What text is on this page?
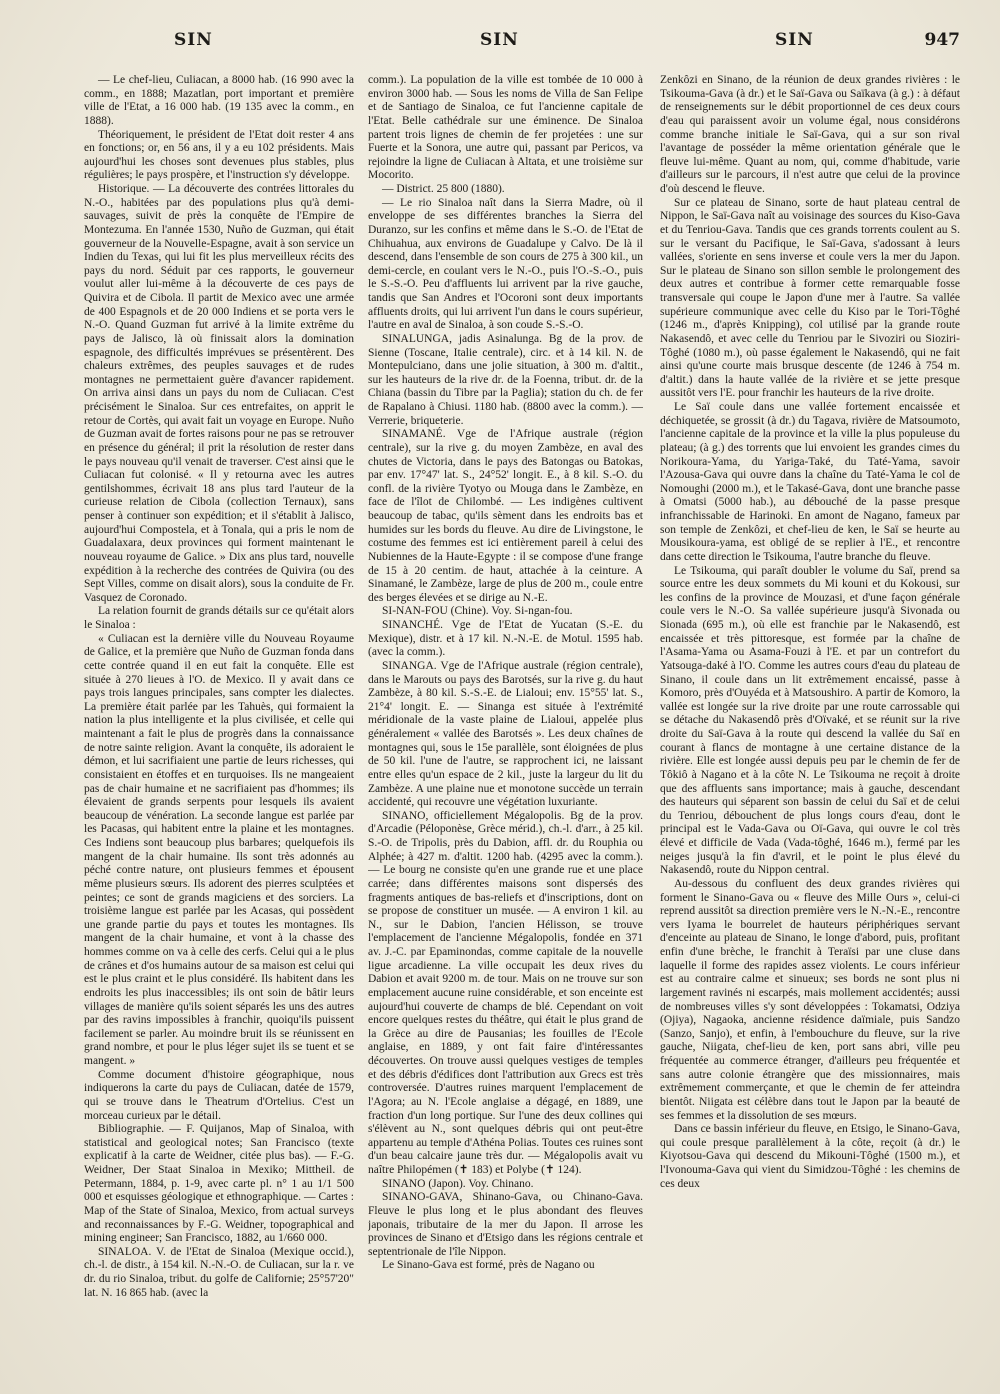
SIN	SIN	SIN	947

— Le chef-lieu, Culiacan, a 8000 hab. (16 990 avec la comm., en 1888; Mazatlan, port important et première ville de l'Etat, a 16 000 hab. (19 135 avec la comm., en 1888).

Théoriquement, le président de l'Etat doit rester 4 ans en fonctions; or, en 56 ans, il y a eu 102 présidents. Mais aujourd'hui les choses sont devenues plus stables, plus régulières; le pays prospère, et l'instruction s'y développe.

Historique. — La découverte des contrées littorales du N.-O., habitées par des populations plus qu'à demi-sauvages, suivit de près la conquête de l'Empire de Montezuma. En l'année 1530, Nuño de Guzman, qui était gouverneur de la Nouvelle-Espagne, avait à son service un Indien du Texas, qui lui fit les plus merveilleux récits des pays du nord. Séduit par ces rapports, le gouverneur voulut aller lui-même à la découverte de ces pays de Quivira et de Cibola. Il partit de Mexico avec une armée de 400 Espagnols et de 20 000 Indiens et se porta vers le N.-O. Quand Guzman fut arrivé à la limite extrême du pays de Jalisco, là où finissait alors la domination espagnole, des difficultés imprévues se présentèrent. Des chaleurs extrêmes, des peuples sauvages et de rudes montagnes ne permettaient guère d'avancer rapidement. On arriva ainsi dans un pays du nom de Culiacan. C'est précisément le Sinaloa. Sur ces entrefaites, on apprit le retour de Cortès, qui avait fait un voyage en Europe. Nuño de Guzman avait de fortes raisons pour ne pas se retrouver en présence du général; il prit la résolution de rester dans le pays nouveau qu'il venait de traverser. C'est ainsi que le Culiacan fut colonisé. « Il y retourna avec les autres gentilshommes, écrivait 18 ans plus tard l'auteur de la curieuse relation de Cibola (collection Ternaux), sans penser à continuer son expédition; et il s'établit à Jalisco, aujourd'hui Compostela, et à Tonala, qui a pris le nom de Guadalaxara, deux provinces qui forment maintenant le nouveau royaume de Galice. » Dix ans plus tard, nouvelle expédition à la recherche des contrées de Quivira (ou des Sept Villes, comme on disait alors), sous la conduite de Fr. Vasquez de Coronado.

La relation fournit de grands détails sur ce qu'était alors le Sinaloa :

« Culiacan est la dernière ville du Nouveau Royaume de Galice, et la première que Nuño de Guzman fonda dans cette contrée quand il en eut fait la conquête. Elle est située à 270 lieues à l'O. de Mexico. Il y avait dans ce pays trois langues principales, sans compter les dialectes. La première était parlée par les Tahuès, qui formaient la nation la plus intelligente et la plus civilisée, et celle qui maintenant a fait le plus de progrès dans la connaissance de notre sainte religion. Avant la conquête, ils adoraient le démon, et lui sacrifiaient une partie de leurs richesses, qui consistaient en étoffes et en turquoises. Ils ne mangeaient pas de chair humaine et ne sacrifiaient pas d'hommes; ils élevaient de grands serpents pour lesquels ils avaient beaucoup de vénération. La seconde langue est parlée par les Pacasas, qui habitent entre la plaine et les montagnes. Ces Indiens sont beaucoup plus barbares; quelquefois ils mangent de la chair humaine. Ils sont très adonnés au péché contre nature, ont plusieurs femmes et épousent même plusieurs sœurs. Ils adorent des pierres sculptées et peintes; ce sont de grands magiciens et des sorciers. La troisième langue est parlée par les Acasas, qui possèdent une grande partie du pays et toutes les montagnes. Ils mangent de la chair humaine, et vont à la chasse des hommes comme on va à celle des cerfs. Celui qui a le plus de crânes et d'os humains autour de sa maison est celui qui est le plus craint et le plus considéré. Ils habitent dans les endroits les plus inaccessibles; ils ont soin de bâtir leurs villages de manière qu'ils soient séparés les uns des autres par des ravins impossibles à franchir, quoiqu'ils puissent facilement se parler. Au moindre bruit ils se réunissent en grand nombre, et pour le plus léger sujet ils se tuent et se mangent. »

Comme document d'histoire géographique, nous indiquerons la carte du pays de Culiacan, datée de 1579, qui se trouve dans le Theatrum d'Ortelius. C'est un morceau curieux par le détail.

Bibliographie. — F. Quijanos, Map of Sinaloa, with statistical and geological notes; San Francisco (texte explicatif à la carte de Weidner, citée plus bas). — F.-G. Weidner, Der Staat Sinaloa in Mexiko; Mittheil. de Petermann, 1884, p. 1-9, avec carte pl. n° 1 au 1/1 500 000 et esquisses géologique et ethnographique. — Cartes : Map of the State of Sinaloa, Mexico, from actual surveys and reconnaissances by F.-G. Weidner, topographical and mining engineer; San Francisco, 1882, au 1/660 000.

SINALOA. V. de l'Etat de Sinaloa (Mexique occid.), ch.-l. de distr., à 154 kil. N.-N.-O. de Culiacan, sur la r. ve dr. du rio Sinaloa, tribut. du golfe de Californie; 25°57'20" lat. N. 16 865 hab. (avec la

comm.). La population de la ville est tombée de 10 000 à environ 3000 hab. — Sous les noms de Villa de San Felipe et de Santiago de Sinaloa, ce fut l'ancienne capitale de l'Etat. Belle cathédrale sur une éminence. De Sinaloa partent trois lignes de chemin de fer projetées : une sur Fuerte et la Sonora, une autre qui, passant par Pericos, va rejoindre la ligne de Culiacan à Altata, et une troisième sur Mocorito.

— District. 25 800 (1880).

— Le rio Sinaloa naît dans la Sierra Madre, où il enveloppe de ses différentes branches la Sierra del Duranzo, sur les confins et même dans le S.-O. de l'Etat de Chihuahua, aux environs de Guadalupe y Calvo. De là il descend, dans l'ensemble de son cours de 275 à 300 kil., un demi-cercle, en coulant vers le N.-O., puis l'O.-S.-O., puis le S.-S.-O. Peu d'affluents lui arrivent par la rive gauche, tandis que San Andres et l'Ocoroni sont deux importants affluents droits, qui lui arrivent l'un dans le cours supérieur, l'autre en aval de Sinaloa, à son coude S.-S.-O.

SINALUNGA, jadis Asinalunga. Bg de la prov. de Sienne (Toscane, Italie centrale), circ. et à 14 kil. N. de Montepulciano, dans une jolie situation, à 300 m. d'altit., sur les hauteurs de la rive dr. de la Foenna, tribut. dr. de la Chiana (bassin du Tibre par la Paglia); station du ch. de fer de Rapalano à Chiusi. 1180 hab. (8800 avec la comm.). — Verrerie, briqueterie.

SINAMANÉ. Vge de l'Afrique australe (région centrale), sur la rive g. du moyen Zambèze, en aval des chutes de Victoria, dans le pays des Batongas ou Batokas, par env. 17°47' lat. S., 24°52' longit. E., à 8 kil. S.-O. du confl. de la rivière Tyotyo ou Mouga dans le Zambèze, en face de l'îlot de Chilombé. — Les indigènes cultivent beaucoup de tabac, qu'ils sèment dans les endroits bas et humides sur les bords du fleuve. Au dire de Livingstone, le costume des femmes est ici entièrement pareil à celui des Nubiennes de la Haute-Egypte : il se compose d'une frange de 15 à 20 centim. de haut, attachée à la ceinture. A Sinamané, le Zambèze, large de plus de 200 m., coule entre des berges élevées et se dirige au N.-E.

SI-NAN-FOU (Chine). Voy. Si-ngan-fou.

SINANCHÉ. Vge de l'Etat de Yucatan (S.-E. du Mexique), distr. et à 17 kil. N.-N.-E. de Motul. 1595 hab. (avec la comm.).

SINANGA. Vge de l'Afrique australe (région centrale), dans le Marouts ou pays des Barotsés, sur la rive g. du haut Zambèze, à 80 kil. S.-S.-E. de Lialoui; env. 15°55' lat. S., 21°4' longit. E. — Sinanga est située à l'extrémité méridionale de la vaste plaine de Lialoui, appelée plus généralement « vallée des Barotsés ». Les deux chaînes de montagnes qui, sous le 15e parallèle, sont éloignées de plus de 50 kil. l'une de l'autre, se rapprochent ici, ne laissant entre elles qu'un espace de 2 kil., juste la largeur du lit du Zambèze. A une plaine nue et monotone succède un terrain accidenté, qui recouvre une végétation luxuriante.

SINANO, officiellement Mégalopolis. Bg de la prov. d'Arcadie (Péloponèse, Grèce mérid.), ch.-l. d'arr., à 25 kil. S.-O. de Tripolis, près du Dabion, affl. dr. du Rouphia ou Alphée; à 427 m. d'altit. 1200 hab. (4295 avec la comm.). — Le bourg ne consiste qu'en une grande rue et une place carrée; dans différentes maisons sont dispersés des fragments antiques de bas-reliefs et d'inscriptions, dont on se propose de constituer un musée. — A environ 1 kil. au N., sur le Dabion, l'ancien Hélisson, se trouve l'emplacement de l'ancienne Mégalopolis, fondée en 371 av. J.-C. par Epaminondas, comme capitale de la nouvelle ligue arcadienne. La ville occupait les deux rives du Dabion et avait 9200 m. de tour. Mais on ne trouve sur son emplacement aucune ruine considérable, et son enceinte est aujourd'hui couverte de champs de blé. Cependant on voit encore quelques restes du théâtre, qui était le plus grand de la Grèce au dire de Pausanias; les fouilles de l'Ecole anglaise, en 1889, y ont fait faire d'intéressantes découvertes. On trouve aussi quelques vestiges de temples et des débris d'édifices dont l'attribution aux Grecs est très controversée. D'autres ruines marquent l'emplacement de l'Agora; au N. l'Ecole anglaise a dégagé, en 1889, une fraction d'un long portique. Sur l'une des deux collines qui s'élèvent au N., sont quelques débris qui ont peut-être appartenu au temple d'Athéna Polias. Toutes ces ruines sont d'un beau calcaire jaune très dur. — Mégalopolis avait vu naître Philopémen (✝ 183) et Polybe (✝ 124).

SINANO (Japon). Voy. Chinano.

SINANO-GAVA, Shinano-Gava, ou Chinano-Gava. Fleuve le plus long et le plus abondant des fleuves japonais, tributaire de la mer du Japon. Il arrose les provinces de Sinano et d'Etsigo dans les régions centrale et septentrionale de l'île Nippon.

Le Sinano-Gava est formé, près de Nagano ou

Zenkôzi en Sinano, de la réunion de deux grandes rivières : le Tsikouma-Gava (à dr.) et le Saï-Gava ou Saïkava (à g.) : à défaut de renseignements sur le débit proportionnel de ces deux cours d'eau qui paraissent avoir un volume égal, nous considérons comme branche initiale le Saï-Gava, qui a sur son rival l'avantage de posséder la même orientation générale que le fleuve lui-même. Quant au nom, qui, comme d'habitude, varie d'ailleurs sur le parcours, il n'est autre que celui de la province d'où descend le fleuve.

Sur ce plateau de Sinano, sorte de haut plateau central de Nippon, le Saï-Gava naît au voisinage des sources du Kiso-Gava et du Tenriou-Gava. Tandis que ces grands torrents coulent au S. sur le versant du Pacifique, le Saï-Gava, s'adossant à leurs vallées, s'oriente en sens inverse et coule vers la mer du Japon. Sur le plateau de Sinano son sillon semble le prolongement des deux autres et contribue à former cette remarquable fosse transversale qui coupe le Japon d'une mer à l'autre. Sa vallée supérieure communique avec celle du Kiso par le Tori-Tôghé (1246 m., d'après Knipping), col utilisé par la grande route Nakasendô, et avec celle du Tenriou par le Sivoziri ou Sioziri-Tôghé (1080 m.), où passe également le Nakasendô, qui ne fait ainsi qu'une courte mais brusque descente (de 1246 à 754 m. d'altit.) dans la haute vallée de la rivière et se jette presque aussitôt vers l'E. pour franchir les hauteurs de la rive droite.

Le Saï coule dans une vallée fortement encaissée et déchiquetée, se grossit (à dr.) du Tagava, rivière de Matsoumoto, l'ancienne capitale de la province et la ville la plus populeuse du plateau; (à g.) des torrents que lui envoient les grandes cimes du Norikoura-Yama, du Yariga-Také, du Taté-Yama, savoir l'Azousa-Gava qui ouvre dans la chaîne du Taté-Yama le col de Nomoughi (2000 m.), et le Takasé-Gava, dont une branche passe à Omatsi (5000 hab.), au débouché de la passe presque infranchissable de Harinoki. En amont de Nagano, fameux par son temple de Zenkôzi, et chef-lieu de ken, le Saï se heurte au Mousikoura-yama, est obligé de se replier à l'E., et rencontre dans cette direction le Tsikouma, l'autre branche du fleuve.

Le Tsikouma, qui paraît doubler le volume du Saï, prend sa source entre les deux sommets du Mi kouni et du Kokousi, sur les confins de la province de Mouzasi, et d'une façon générale coule vers le N.-O. Sa vallée supérieure jusqu'à Sivonada ou Sionada (695 m.), où elle est franchie par le Nakasendô, est encaissée et très pittoresque, est formée par la chaîne de l'Asama-Yama ou Asama-Fouzi à l'E. et par un contrefort du Yatsouga-daké à l'O. Comme les autres cours d'eau du plateau de Sinano, il coule dans un lit extrêmement encaissé, passe à Komoro, près d'Ouyéda et à Matsoushiro. A partir de Komoro, la vallée est longée sur la rive droite par une route carrossable qui se détache du Nakasendô près d'Oïvaké, et se réunit sur la rive droite du Saï-Gava à la route qui descend la vallée du Saï en courant à flancs de montagne à une certaine distance de la rivière. Elle est longée aussi depuis peu par le chemin de fer de Tôkiô à Nagano et à la côte N. Le Tsikouma ne reçoit à droite que des affluents sans importance; mais à gauche, descendant des hauteurs qui séparent son bassin de celui du Saï et de celui du Tenriou, débouchent de plus longs cours d'eau, dont le principal est le Vada-Gava ou Oï-Gava, qui ouvre le col très élevé et difficile de Vada (Vada-tôghé, 1646 m.), fermé par les neiges jusqu'à la fin d'avril, et le point le plus élevé du Nakasendô, route du Nippon central.

Au-dessous du confluent des deux grandes rivières qui forment le Sinano-Gava ou « fleuve des Mille Ours », celui-ci reprend aussitôt sa direction première vers le N.-N.-E., rencontre vers Iyama le bourrelet de hauteurs périphériques servant d'enceinte au plateau de Sinano, le longe d'abord, puis, profitant enfin d'une brèche, le franchit à Teraïsi par une cluse dans laquelle il forme des rapides assez violents. Le cours inférieur est au contraire calme et sinueux; ses bords ne sont plus ni largement ravinés ni escarpés, mais mollement accidentés; aussi de nombreuses villes s'y sont développées : Tokamatsi, Odziya (Ojiya), Nagaoka, ancienne résidence daïmiale, puis Sandzo (Sanzo, Sanjo), et enfin, à l'embouchure du fleuve, sur la rive gauche, Niigata, chef-lieu de ken, port sans abri, ville peu fréquentée au commerce étranger, d'ailleurs peu fréquentée et sans autre colonie étrangère que des missionnaires, mais extrêmement commerçante, et que le chemin de fer atteindra bientôt. Niigata est célèbre dans tout le Japon par la beauté de ses femmes et la dissolution de ses mœurs.

Dans ce bassin inférieur du fleuve, en Etsigo, le Sinano-Gava, qui coule presque parallèlement à la côte, reçoit (à dr.) le Kiyotsou-Gava qui descend du Mikouni-Tôghé (1500 m.), et l'Ivonouma-Gava qui vient du Simidzou-Tôghé : les chemins de ces deux
